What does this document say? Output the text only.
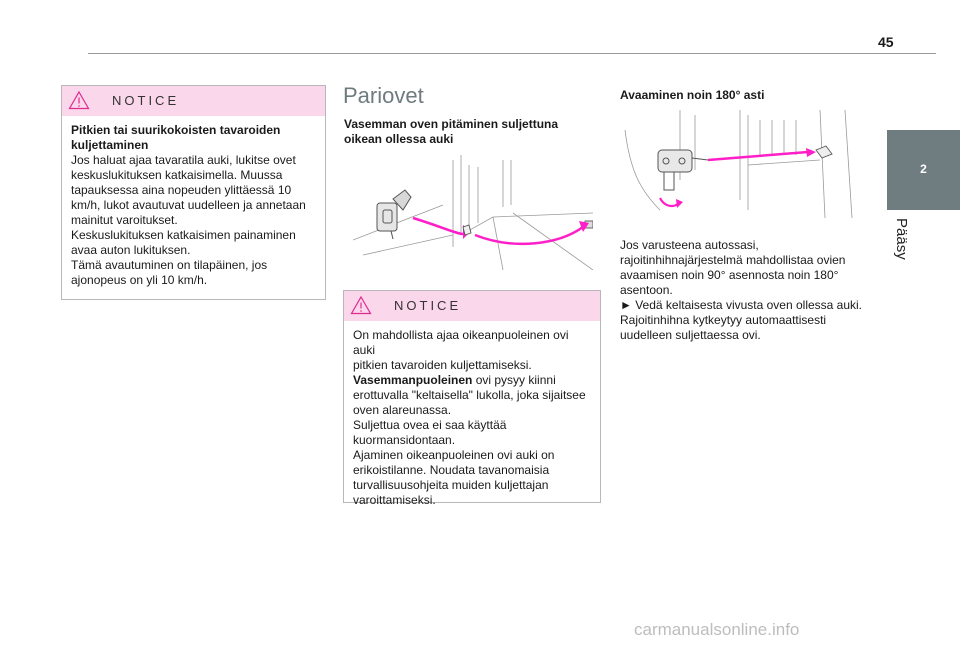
45
2
Pääsy
NOTICE

Pitkien tai suurikokoisten tavaroiden kuljettaminen

Jos haluat ajaa tavaratila auki, lukitse ovet

keskuslukituksen katkaisimella. Muussa

tapauksessa aina nopeuden ylittäessä 10

km/h, lukot avautuvat uudelleen ja annetaan

mainitut varoitukset.

Keskuslukituksen katkaisimen painaminen

avaa auton lukituksen.

Tämä avautuminen on tilapäinen, jos

ajonopeus on yli 10 km/h.

Pariovet
Vasemman oven pitäminen suljettuna oikean ollessa auki
NOTICE

On mahdollista ajaa oikeanpuoleinen ovi auki

pitkien tavaroiden kuljettamiseksi.

Vasemmanpuoleinen ovi pysyy kiinni

erottuvalla "keltaisella" lukolla, joka sijaitsee

oven alareunassa.

Suljettua ovea ei saa käyttää

kuormansidontaan.

Ajaminen oikeanpuoleinen ovi auki on

erikoistilanne. Noudata tavanomaisia

turvallisuusohjeita muiden kuljettajan

varoittamiseksi.

Avaaminen noin 180° asti

Jos varusteena autossasi,

rajoitinhihnajärjestelmä mahdollistaa ovien

avaamisen noin 90° asennosta noin 180°

asentoon.

► Vedä keltaisesta vivusta oven ollessa auki.

Rajoitinhihna kytkeytyy automaattisesti

uudelleen suljettaessa ovi.

carmanualsonline.info
